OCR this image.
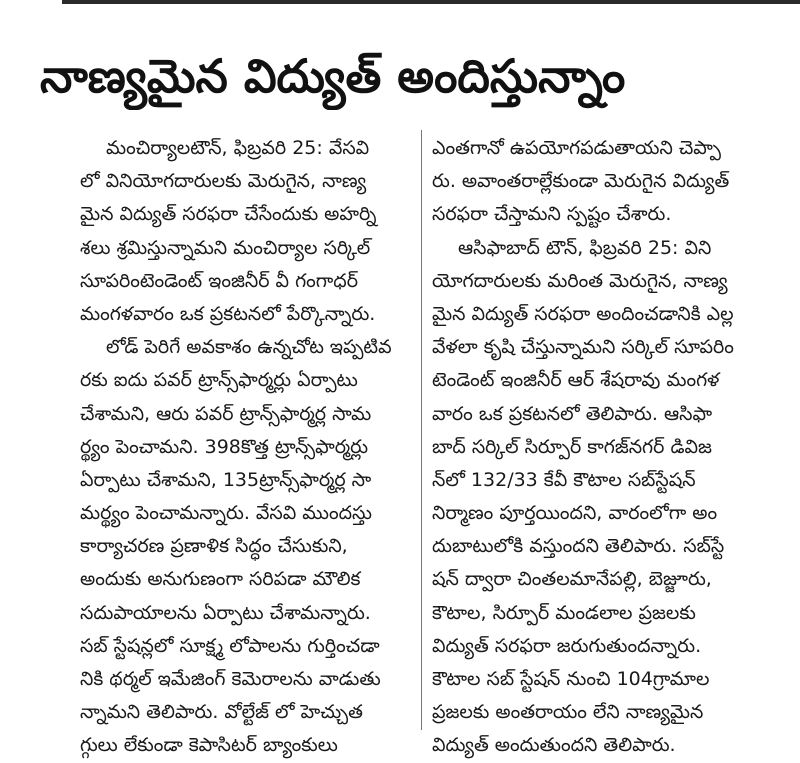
నాణ్యమైన విద్యుత్ అందిస్తున్నాం
మంచిర్యాలటౌన్, ఫిబ్రవరి 25: వేసవి
లో వినియోగదారులకు మెరుగైన, నాణ్య
మైన విద్యుత్ సరఫరా చేసేందుకు అహర్ని
శలు శ్రమిస్తున్నామని మంచిర్యాల సర్కిల్
సూపరింటెండెంట్ ఇంజినీర్ వీ గంగాధర్
మంగళవారం ఒక ప్రకటనలో పేర్కొన్నారు.
లోడ్ పెరిగే అవకాశం ఉన్నచోట ఇప్పటివ
రకు ఐదు పవర్ ట్రాన్స్‌ఫార్మర్లు ఏర్పాటు
చేశామని, ఆరు పవర్ ట్రాన్స్‌ఫార్మర్ల సామ
ర్థ్యం పెంచామని. 398కొత్త ట్రాన్స్‌ఫార్మర్లు
ఏర్పాటు చేశామని, 135ట్రాన్స్‌ఫార్మర్ల సా
మర్థ్యం పెంచామన్నారు. వేసవి ముందస్తు
కార్యాచరణ ప్రణాళిక సిద్ధం చేసుకుని,
అందుకు అనుగుణంగా సరిపడా మౌలిక
సదుపాయాలను ఏర్పాటు చేశామన్నారు.
సబ్ స్టేషన్లలో సూక్ష్మ లోపాలను గుర్తించడా
నికి థర్మల్ ఇమేజింగ్ కెమెరాలను వాడుతు
న్నామని తెలిపారు. వోల్టేజ్ లో హెచ్చుత
గ్గులు లేకుండా కెపాసిటర్ బ్యాంకులు
ఎంతగానో ఉపయోగపడుతాయని చెప్పా
రు. అవాంతరాల్లేకుండా మెరుగైన విద్యుత్
సరఫరా చేస్తామని స్పష్టం చేశారు.
ఆసిఫాబాద్ టౌన్, ఫిబ్రవరి 25: విని
యోగదారులకు మరింత మెరుగైన, నాణ్య
మైన విద్యుత్ సరఫరా అందించడానికి ఎల్ల
వేళలా కృషి చేస్తున్నామని సర్కిల్ సూపరిం
టెండెంట్ ఇంజినీర్ ఆర్ శేషరావు మంగళ
వారం ఒక ప్రకటనలో తెలిపారు. ఆసిఫా
బాద్ సర్కిల్ సిర్పూర్ కాగజ్‌నగర్ డివిజ
న్‌లో 132/33 కేవీ కౌటాల సబ్‌స్టేషన్
నిర్మాణం పూర్తయిందని, వారంలోగా అం
దుబాటులోకి వస్తుందని తెలిపారు. సబ్‌స్టే
షన్ ద్వారా చింతలమానేపల్లి, బెజ్జూరు,
కౌటాల, సిర్పూర్ మండలాల ప్రజలకు
విద్యుత్ సరఫరా జరుగుతుందన్నారు.
కౌటాల సబ్ స్టేషన్ నుంచి 104గ్రామాల
ప్రజలకు అంతరాయం లేని నాణ్యమైన
విద్యుత్ అందుతుందని తెలిపారు.
